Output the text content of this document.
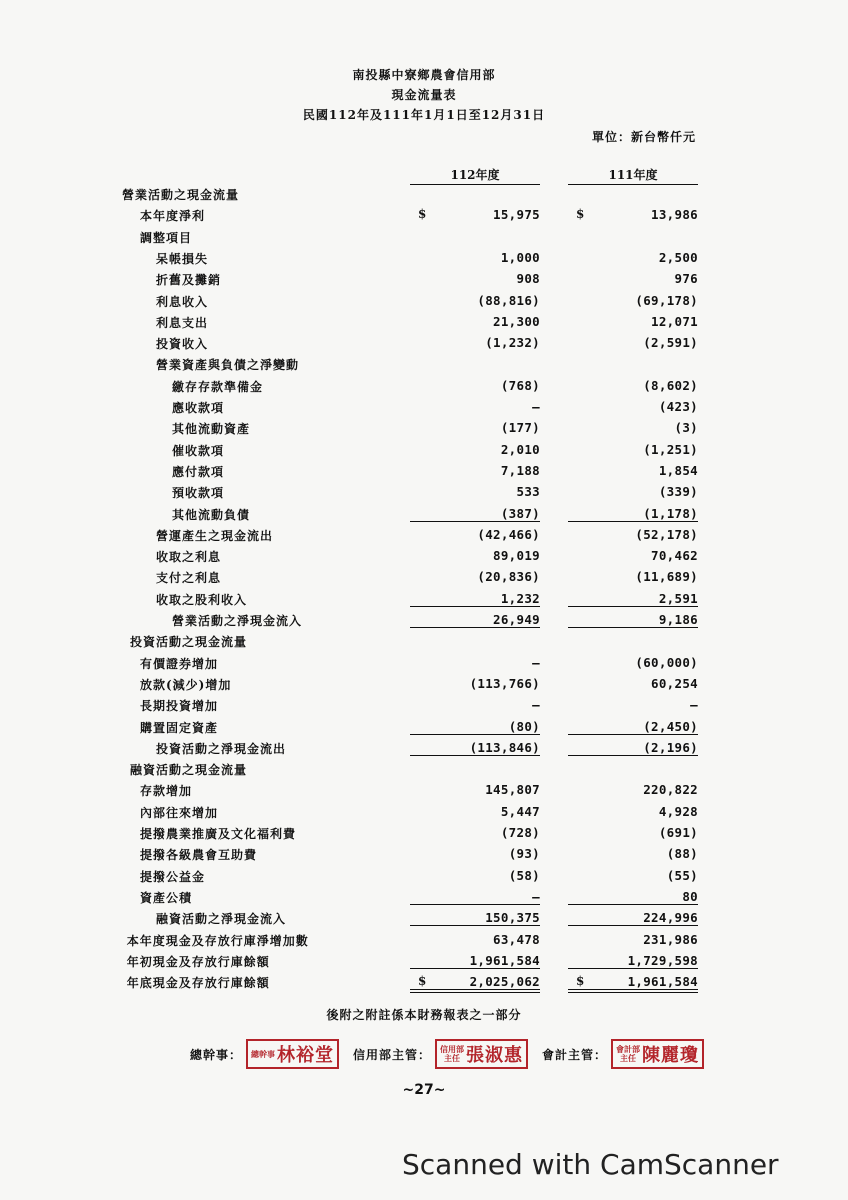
南投縣中寮鄉農會信用部
現金流量表
民國112年及111年1月1日至12月31日
單位：新台幣仟元
112年度	111年度
營業活動之現金流量
本年度淨利	15,975	13,986
$	$
調整項目
呆帳損失	1,000	2,500
折舊及攤銷	908	976
利息收入	(88,816)	(69,178)
利息支出	21,300	12,071
投資收入	(1,232)	(2,591)
營業資產與負債之淨變動
繳存存款準備金	(768)	(8,602)
應收款項	–	(423)
其他流動資產	(177)	(3)
催收款項	2,010	(1,251)
應付款項	7,188	1,854
預收款項	533	(339)
其他流動負債	(387)	(1,178)
營運產生之現金流出	(42,466)	(52,178)
收取之利息	89,019	70,462
支付之利息	(20,836)	(11,689)
收取之股利收入	1,232	2,591
營業活動之淨現金流入	26,949	9,186
投資活動之現金流量
有價證券增加	–	(60,000)
放款(減少)增加	(113,766)	60,254
長期投資增加	–	–
購置固定資產	(80)	(2,450)
投資活動之淨現金流出	(113,846)	(2,196)
融資活動之現金流量
存款增加	145,807	220,822
內部往來增加	5,447	4,928
提撥農業推廣及文化福利費	(728)	(691)
提撥各級農會互助費	(93)	(88)
提撥公益金	(58)	(55)
資產公積	–	80
融資活動之淨現金流入	150,375	224,996
本年度現金及存放行庫淨增加數	63,478	231,986
年初現金及存放行庫餘額	1,961,584	1,729,598
年底現金及存放行庫餘額	2,025,062	1,961,584
$	$
後附之附註係本財務報表之一部分
總幹事： 總幹事 林裕堂 信用部主管： 信用部主任 張淑惠 會計主管： 會計部主任 陳麗瓊
~27~
Scanned with CamScanner
